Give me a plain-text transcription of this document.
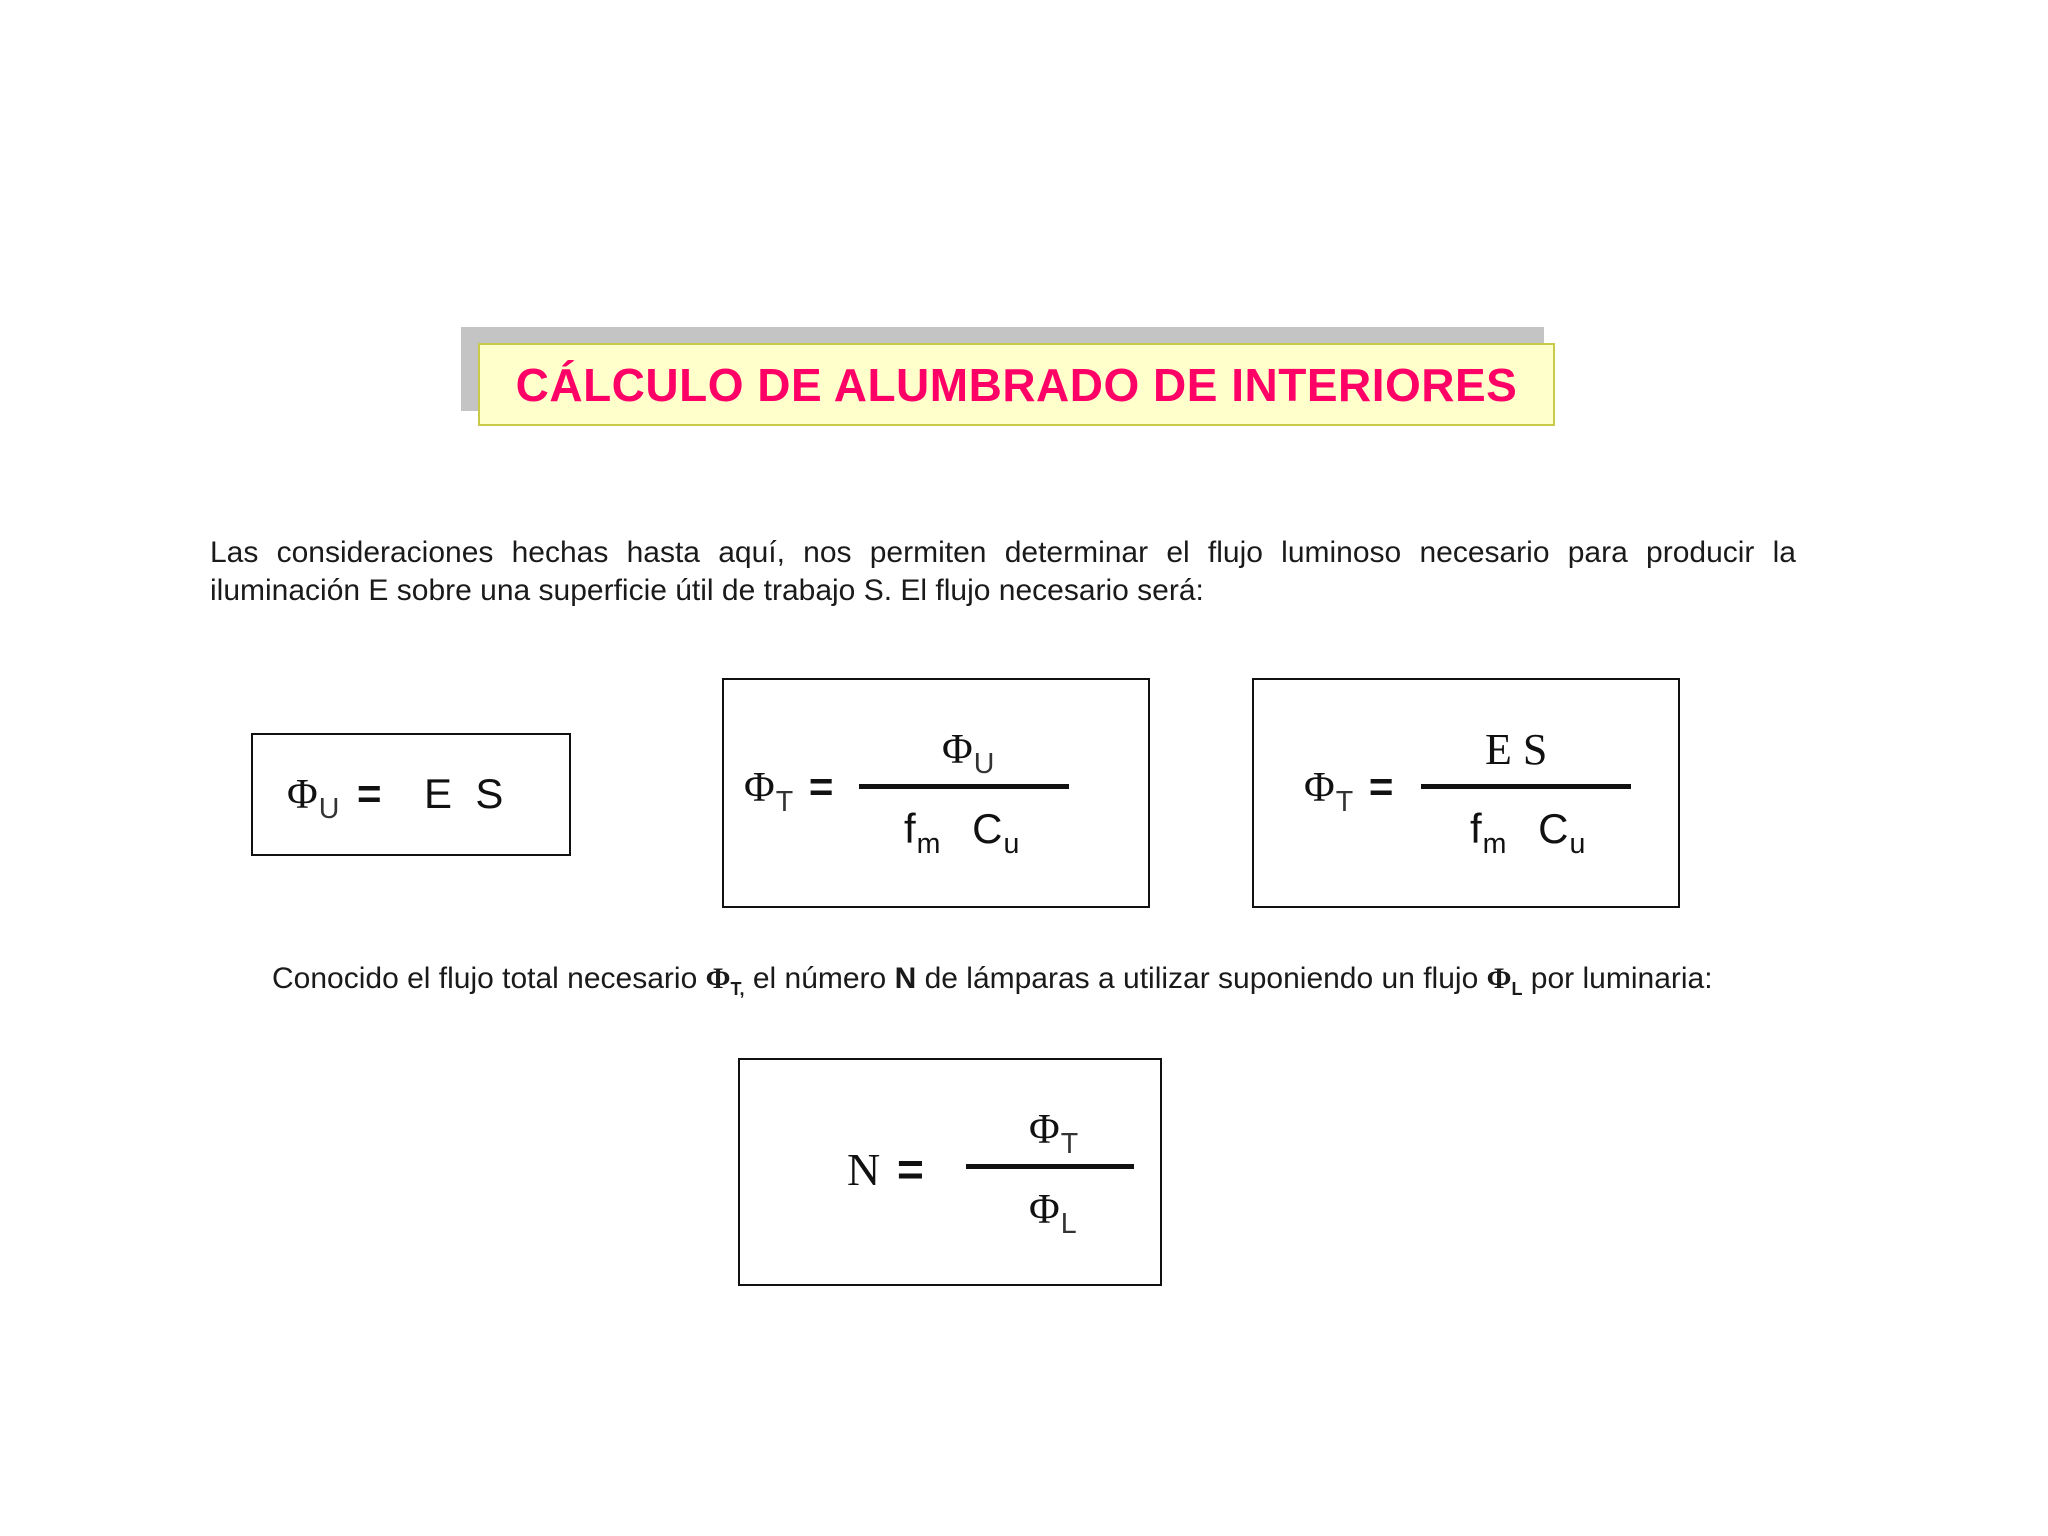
CÁLCULO DE ALUMBRADO DE INTERIORES
Las consideraciones hechas hasta aquí, nos permiten determinar el flujo luminoso necesario para producir la
iluminación E sobre una superficie útil de trabajo S. El flujo necesario será:
$\Phi_U = E$  S	$\Phi_T$ =
$\Phi_U$
$f_m$ $C_u$
$\Phi_T$ =
E S
$f_m$ $C_u$
Conocido el flujo total necesario $\Phi_{T,}$ el número N de lámparas a utilizar suponiendo un flujo $\Phi_L$ por luminaria:
N =
$\Phi_T$
$\Phi_L$
